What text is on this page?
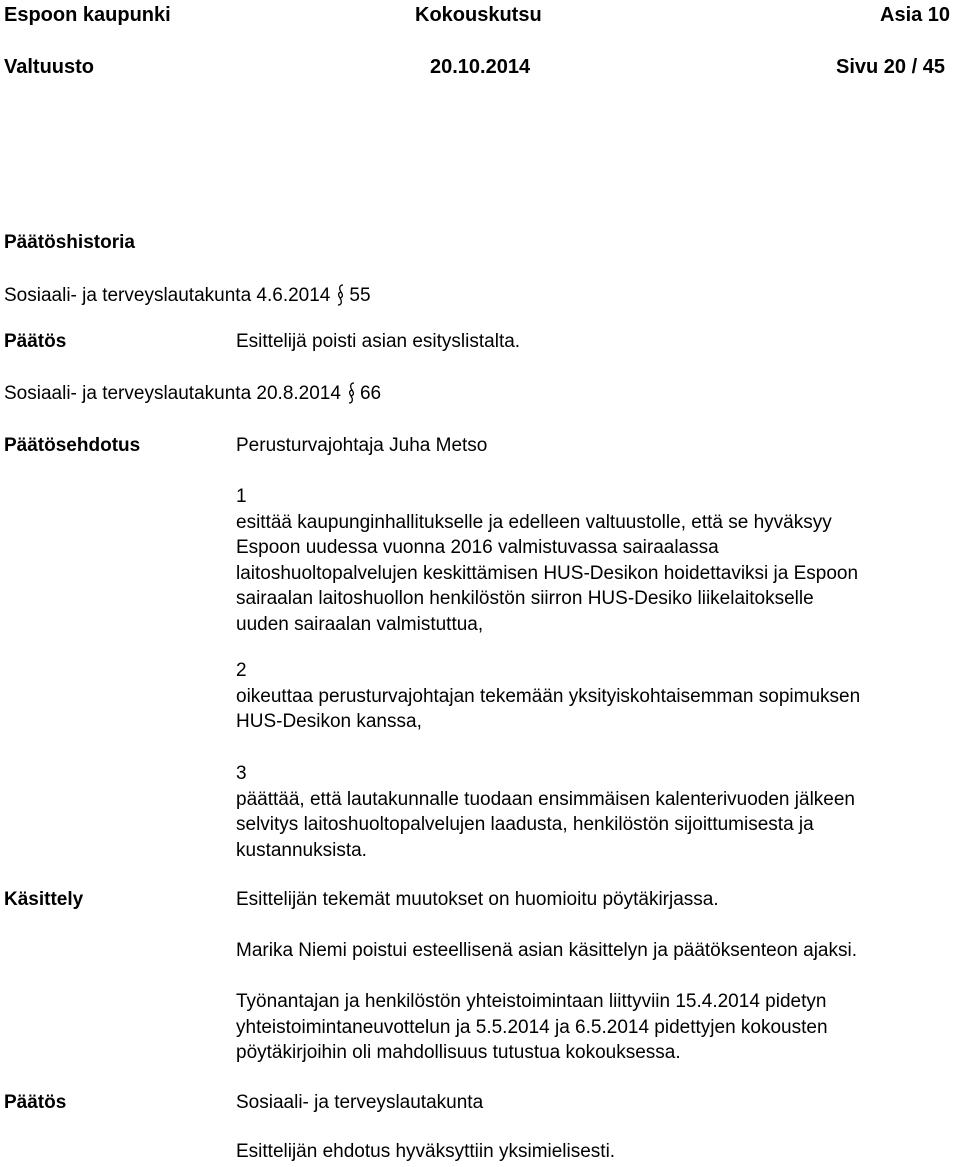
Espoon kaupunki	Kokouskutsu	Asia 10
Valtuusto	20.10.2014	Sivu 20 / 45
Päätöshistoria
Sosiaali- ja terveyslautakunta 4.6.2014 55
Päätös	Esittelijä poisti asian esityslistalta.
Sosiaali- ja terveyslautakunta 20.8.2014 66
Päätösehdotus	Perusturvajohtaja Juha Metso
1
esittää kaupunginhallitukselle ja edelleen valtuustolle, että se hyväksyy
Espoon uudessa vuonna 2016 valmistuvassa sairaalassa
laitoshuoltopalvelujen keskittämisen HUS-Desikon hoidettaviksi ja Espoon
sairaalan laitoshuollon henkilöstön siirron HUS-Desiko liikelaitokselle
uuden sairaalan valmistuttua,
2
oikeuttaa perusturvajohtajan tekemään yksityiskohtaisemman sopimuksen
HUS-Desikon kanssa,
3
päättää, että lautakunnalle tuodaan ensimmäisen kalenterivuoden jälkeen
selvitys laitoshuoltopalvelujen laadusta, henkilöstön sijoittumisesta ja
kustannuksista.
Käsittely	Esittelijän tekemät muutokset on huomioitu pöytäkirjassa.
Marika Niemi poistui esteellisenä asian käsittelyn ja päätöksenteon ajaksi.
Työnantajan ja henkilöstön yhteistoimintaan liittyviin 15.4.2014 pidetyn
yhteistoimintaneuvottelun ja 5.5.2014 ja 6.5.2014 pidettyjen kokousten
pöytäkirjoihin oli mahdollisuus tutustua kokouksessa.
Päätös	Sosiaali- ja terveyslautakunta
Esittelijän ehdotus hyväksyttiin yksimielisesti.
